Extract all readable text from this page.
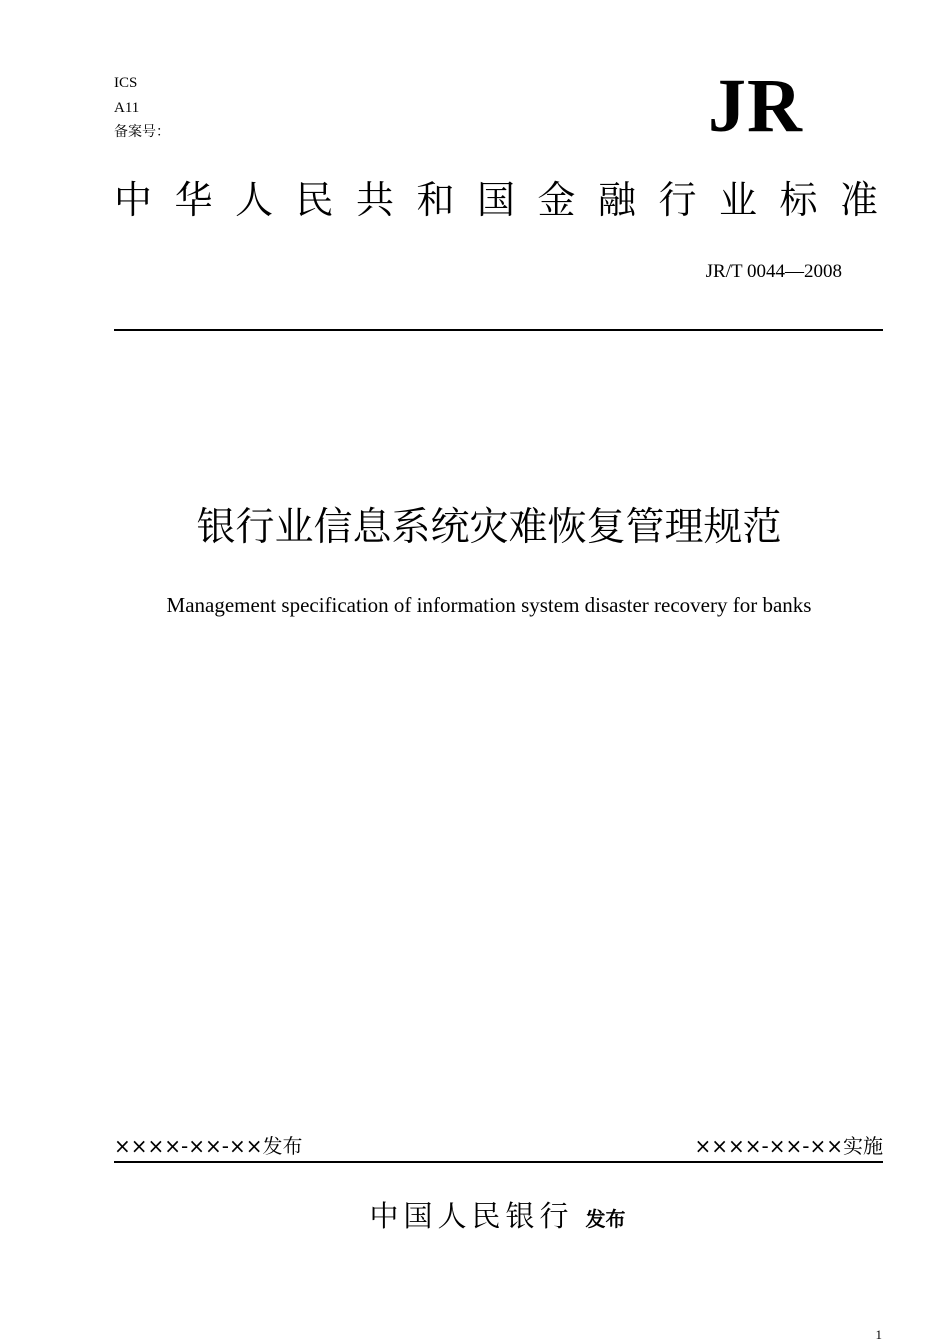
ICS
A11
备案号：	JR
中华人民共和国金融行业标准
JR/T 0044—2008
银行业信息系统灾难恢复管理规范
Management specification of information system disaster recovery for banks
××××-××-××发布	××××-××-××实施
中国人民银行 发布
1
